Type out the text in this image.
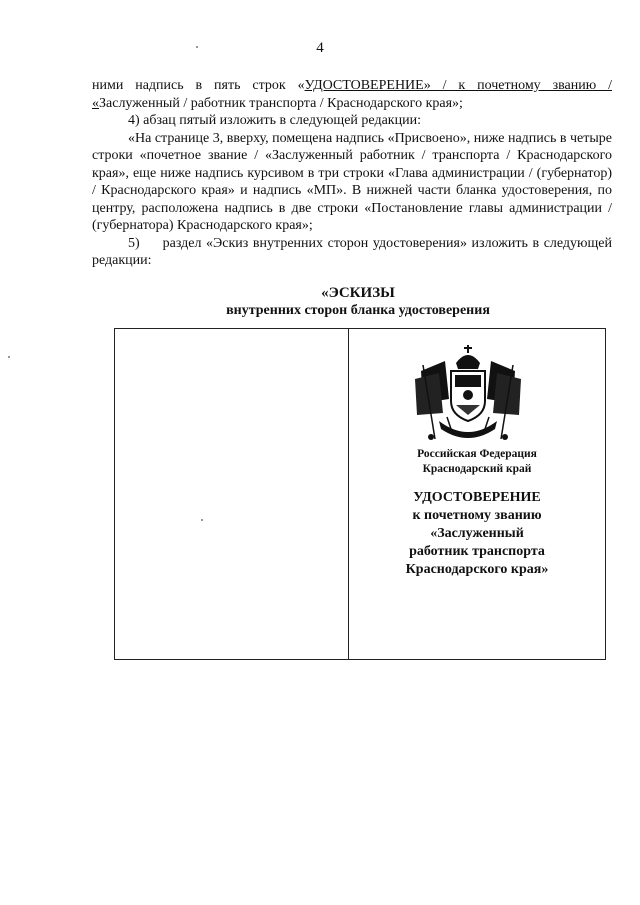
4

ними надпись в пять строк «УДОСТОВЕРЕНИЕ» / к почетному званию / «Заслуженный / работник транспорта / Краснодарского края»;

4) абзац пятый изложить в следующей редакции:

«На странице 3, вверху, помещена надпись «Присвоено», ниже надпись в четыре строки «почетное звание / «Заслуженный работник / транспорта / Краснодарского края», еще ниже надпись курсивом в три строки «Глава администрации / (губернатор) / Краснодарского края» и надпись «МП». В нижней части бланка удостоверения, по центру, расположена надпись в две строки «Постановление главы администрации / (губернатора) Краснодарского края»;

5)     раздел «Эскиз внутренних сторон удостоверения» изложить в следующей редакции:

«ЭСКИЗЫ
внутренних сторон бланка удостоверения
Российская Федерация
Краснодарский край
УДОСТОВЕРЕНИЕ
к почетному званию
«Заслуженный
работник транспорта
Краснодарского края»
